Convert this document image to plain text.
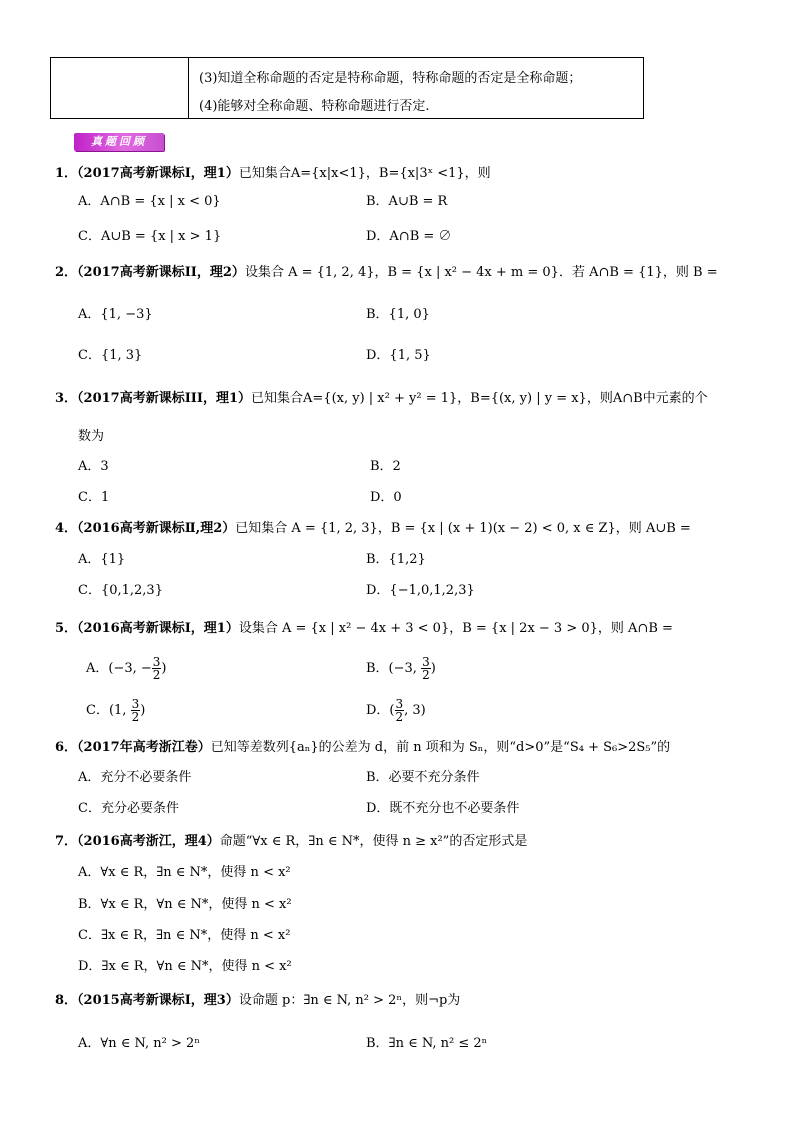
(3)知道全称命题的否定是特称命题，特称命题的否定是全称命题；
(4)能够对全称命题、特称命题进行否定.
真题回顾
1．（2017高考新课标Ⅰ，理1）已知集合A={x|x<1}，B={x|3ˣ <1}，则
A．A∩B = {x | x < 0}	B．A∪B = R
C．A∪B = {x | x > 1}	D．A∩B = ∅
2．（2017高考新课标II，理2）设集合 A = {1, 2, 4}，B = {x | x² − 4x + m = 0}．若 A∩B = {1}，则 B =
A．{1, −3}	B．{1, 0}
C．{1, 3}	D．{1, 5}
3．（2017高考新课标III，理1）已知集合A={(x, y) | x² + y² = 1}，B={(x, y) | y = x}，则A∩B中元素的个
数为
A．3	B．2
C．1	D．0
4．（2016高考新课标Ⅱ,理2）已知集合 A = {1, 2, 3}，B = {x | (x + 1)(x − 2) < 0, x ∈ Z}，则 A∪B =
A．{1}	B．{1,2}
C．{0,1,2,3}	D．{−1,0,1,2,3}
5．（2016高考新课标I，理1）设集合 A = {x | x² − 4x + 3 < 0}，B = {x | 2x − 3 > 0}，则 A∩B =
A．(−3, − $\frac{3}{2}$ )	B．(−3, $\frac{3}{2}$ )
C．(1, $\frac{3}{2}$ )	D．( $\frac{3}{2}$ , 3)
6．（2017年高考浙江卷）已知等差数列{aₙ}的公差为 d，前 n 项和为 Sₙ，则“d>0”是“S₄ + S₆>2S₅”的
A．充分不必要条件	B．必要不充分条件
C．充分必要条件	D．既不充分也不必要条件
7．（2016高考浙江，理4）命题“∀x ∈ R，∃n ∈ N*，使得 n ≥ x²”的否定形式是
A．∀x ∈ R，∃n ∈ N*，使得 n < x²
B．∀x ∈ R，∀n ∈ N*，使得 n < x²
C．∃x ∈ R，∃n ∈ N*，使得 n < x²
D．∃x ∈ R，∀n ∈ N*，使得 n < x²
8．（2015高考新课标I，理3）设命题 p：∃n ∈ N, n² > 2ⁿ，则¬p为
A．∀n ∈ N, n² > 2ⁿ	B．∃n ∈ N, n² ≤ 2ⁿ
